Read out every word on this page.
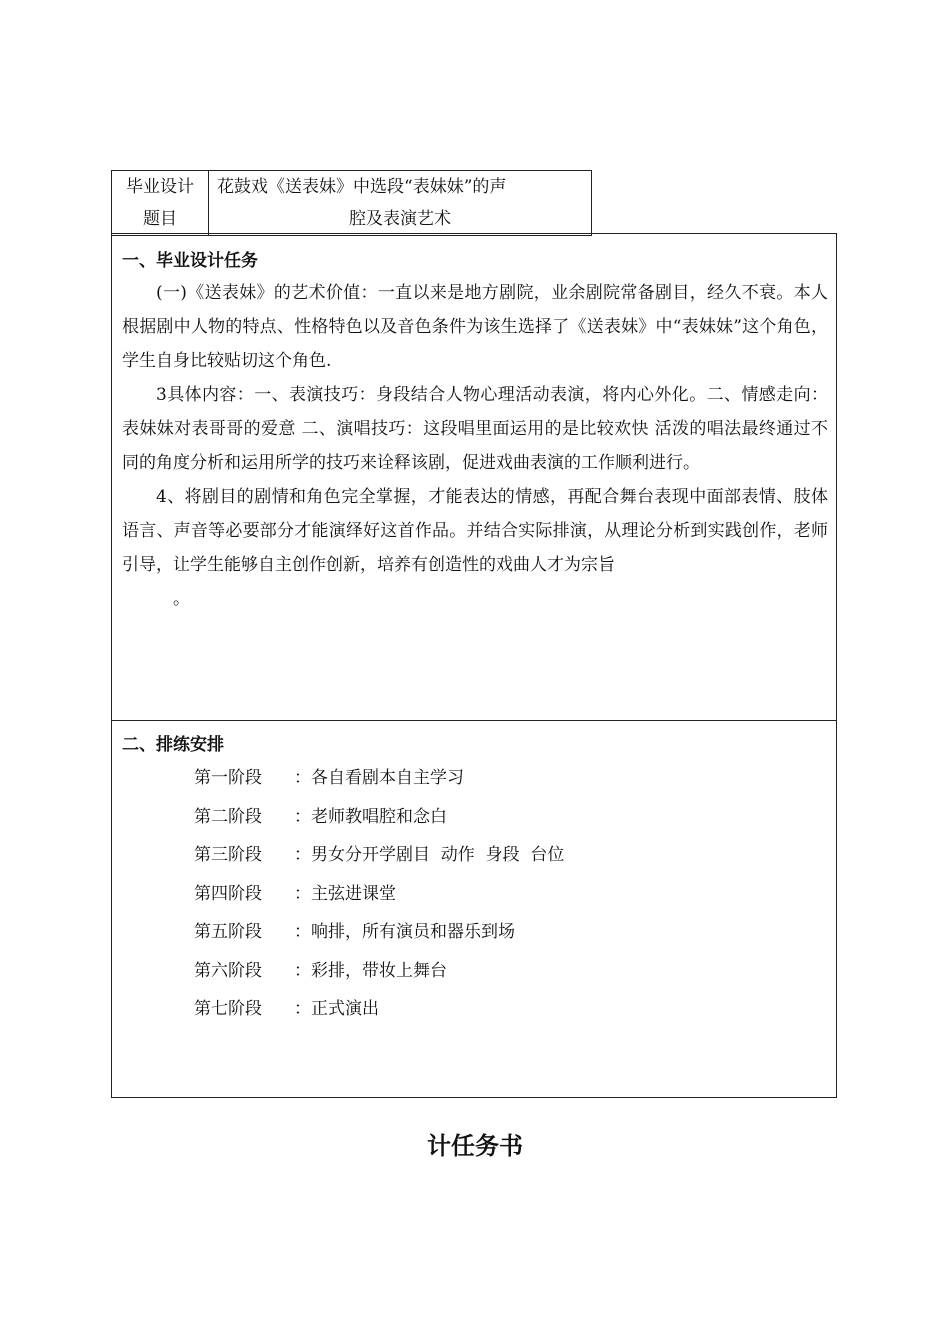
毕业设计题目

花鼓戏《送表妹》中选段“表妹妹”的声
腔及表演艺术
一、毕业设计任务

(一)《送表妹》的艺术价值：一直以来是地方剧院，业余剧院常备剧目，经久不衰。本人根据剧中人物的特点、性格特色以及音色条件为该生选择了《送表妹》中“表妹妹”这个角色，学生自身比较贴切这个角色.

3具体内容：一、表演技巧：身段结合人物心理活动表演，将内心外化。二、情感走向：表妹妹对表哥哥的爱意 二、演唱技巧：这段唱里面运用的是比较欢快 活泼的唱法最终通过不同的角度分析和运用所学的技巧来诠释该剧，促进戏曲表演的工作顺利进行。

4、将剧目的剧情和角色完全掌握，才能表达的情感，再配合舞台表现中面部表情、肢体语言、声音等必要部分才能演绎好这首作品。并结合实际排演，从理论分析到实践创作，老师引导，让学生能够自主创作创新，培养有创造性的戏曲人才为宗旨

。

二、排练安排
第一阶段 ：各自看剧本自主学习
第二阶段 ：老师教唱腔和念白
第三阶段 ：男女分开学剧目  动作  身段  台位
第四阶段 ：主弦进课堂
第五阶段 ：响排，所有演员和器乐到场
第六阶段 ：彩排，带妆上舞台
第七阶段 ：正式演出
计任务书
